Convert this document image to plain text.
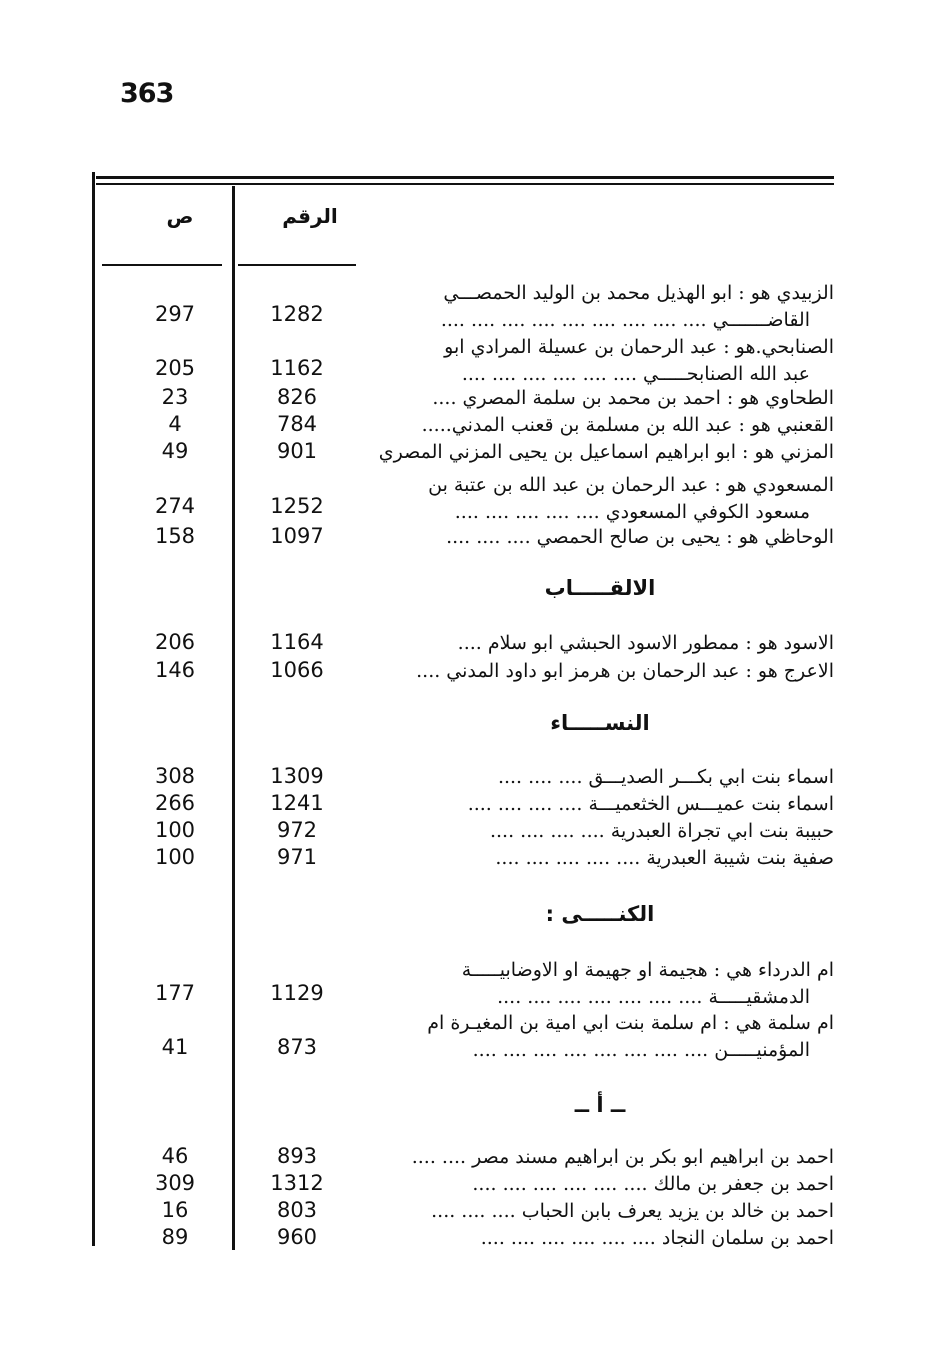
363
ص	الرقم
الزبيدي هو : ابو الهذيل محمد بن الوليد الحمصـــي
القاضـــــــي .... .... .... .... .... .... .... .... ....
1282
297
الصنابحي.هو : عبد الرحمان بن عسيلة المرادي ابو
عبد الله الصنابحـــــي .... .... .... .... .... ....
1162
205
الطحاوي هو : احمد بن محمد بن سلمة المصري ....
826
23
القعنبي هو : عبد الله بن مسلمة بن قعنب المدني.....
784
4
المزني هو : ابو ابراهيم اسماعيل بن يحيى المزني المصري
901
49
المسعودي هو : عبد الرحمان بن عبد الله بن عتبة بن
مسعود الكوفي المسعودي .... .... .... .... ....
1252
274
الوحاظي هو : يحيى بن صالح الحمصي .... .... ....
1097
158
الالقـــــاب
الاسود هو : ممطور الاسود الحبشي ابو سلام ....
1164
206
الاعرج هو : عبد الرحمان بن هرمز ابو داود المدني ....
1066
146
النســـــاء
اسماء بنت ابي بكـــر الصديـــق .... .... ....
1309
308
اسماء بنت عميـــس الخثعميـــة .... .... .... ....
1241
266
حبيبة بنت ابي تجراة العبدرية .... .... .... ....
972
100
صفية بنت شيبة العبدرية .... .... .... .... ....
971
100
الكنـــــى :
ام الدرداء هي : هجيمة او جهيمة او الاوضابيـــــة
الدمشقيـــــة .... .... .... .... .... .... ....
1129
177
ام سلمة هي : ام سلمة بنت ابي امية بن المغيـرة ام
المؤمنيـــــن .... .... .... .... .... .... .... ....
873
41
ــ أ ــ
احمد بن ابراهيم ابو بكر بن ابراهيم مسند مصر .... ....
893
46
احمد بن جعفر بن مالك .... .... .... .... .... ....
1312
309
احمد بن خالد بن يزيد يعرف بابن الحباب .... .... ....
803
16
احمد بن سلمان النجاد .... .... .... .... .... ....
960
89
